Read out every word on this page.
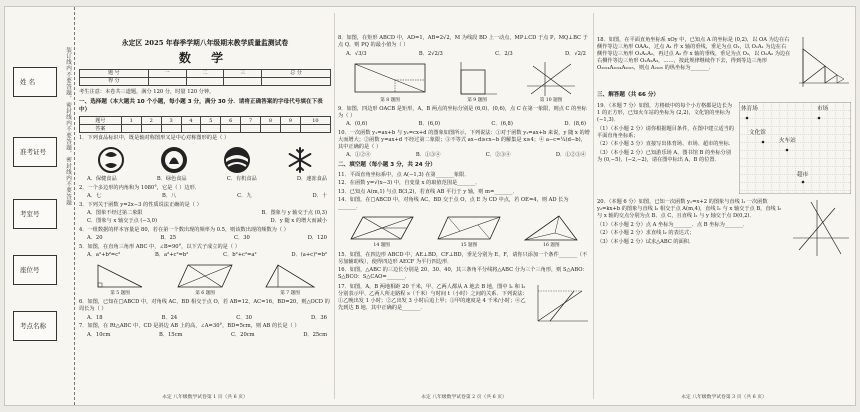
姓 名
准考证号
考室号
座位号
考点名称
装订线内不要答题，密封线内不要答题，密封线内不要答题
永定区 2025 年春季学期八年级期末教学质量监测试卷
数 学
题 号	一	二	三	总 分
得 分				
考生注意：本卷共三道题，满分 120 分，时量 120 分钟。
一、选择题（本大题共 10 个小题，每小题 3 分，满分 30 分．请将正确答案的字母代号填在下表中）
题号	1	2	3	4	5	6	7	8	9	10
答案										
1．下列食品标识中，既是轴对称图形又是中心对称图形的是（ ）
A．保健食品	B．绿色食品	C．有机食品	D．速冻食品
2．一个多边形的内角和为 1080°，它是（ ）边形．
A．七	B．八	C．九	D．十
3．下列关于函数 y=2x−3 的性质说法正确的是（ ）
A．图象不经过第二象限	B．图象与 y 轴交于点 (0,3)
C．图象与 x 轴交于点 (−3,0)	D．y 随 x 的增大而减小
4．一组数据的样本容量是 80，若在第一个数出现的频率为 0.5，则该数出现的频数为（ ）
A．20	B．25	C．30	D．120
5．如图，在直角三角形 ABC 中，∠B=90°，以下式子成立的是（ ）
A．a²+b²=c²	B．a²+c²=b²	C．b²+c²=a²	D．(a+c)²=b²
第 5 题图	第 6 题图	第 7 题图
6．如图，已知在□ABCD 中，对角线 AC、BD 相交于点 O，若 AB=12，AC=16，BD=20，则△OCD 的周长为（ ）
A．18	B．24	C．30	D．36
7．如图，在 Rt△ABC 中，CD 是斜边 AB 上的高，∠A=30°，BD=5cm，则 AB 的长是（ ）
A．10cm	B．15cm	C．20cm	D．25cm
永定 八年级数学试卷第 1 页（共 6 页）
8．如图，在矩形 ABCD 中，AD=1，AB=2√2，M 为线段 BD 上一动点，MP⊥CD 于点 P，MQ⊥BC 于点 Q，则 PQ 的最小值为（ ）
A．√3/3	B．2√2/3	C．2/3	D．√2/2
第 8 题图	第 9 题图	第 10 题图
9．如图，四边形 OACB 是矩形，A，B 两点的坐标分别是 (6,0)、(0,6)，点 C 在第一象限，则点 C 的坐标为（ ）
A．(0,6)	B．(6,0)	C．(6,8)	D．(8,6)
10．一次函数 y₁=ax+b 与 y₂=cx+d 的图象如图所示，下列说法：①对于函数 y₁=ax+b 来说，y 随 x 的增大而增大；②函数 y=ax+d 不经过第二象限；③不等式 ax−d≥cx−b 的解集是 x≥4；④ a−c=¼(d−b)，其中正确的是（ ）
A．①②④	B．①③④	C．②③④	D．①②③④
二、填空题（每小题 3 分，共 24 分）
11．平面直角坐标系中，点 A(−1,3) 在第_______象限．
12．在函数 y=√(x−3) 中，自变量 x 的取值范围是_______．
13．已知点 A(m,1) 与点 B(3,2)，若直线 AB 平行于 y 轴，则 m=_______．
14．如图，在□ABCD 中，对角线 AC、BD 交于点 O，点 E 为 CD 中点，若 OE=4，则 AD 长为_______．
14 题图	15 题图	16 题图
15．如图，在四边形 ABCD 中，AE⊥BD，CF⊥BD，垂足分别为 E、F，请你只添加一个条件_______（不另加辅助线），使得四边形 AECF 为平行四边形．
16．如图，△ABC 的三边长分别是 20、30、40，其三条角平分线将△ABC 分为三个三角形，则 S△ABO：S△BCO：S△CAO=_______．
17．如图，A，B 两地相距 20 千米，甲、乙两人都从 A 地去 B 地，图中 l₁ 和 l₂ 分别表示甲、乙两人所走路程 s（千米）与时间 t（小时）之间的关系．下列说法：①乙晚出发 1 小时；②乙出发 3 小时后追上甲；③甲的速度是 4 千米/小时；④乙先到达 B 地．其中正确的是_______．
永定 八年级数学试卷第 2 页（共 6 页）
18．如图，在平面直角坐标系 xOy 中，已知点 A 的坐标是 (0,2)，以 OA 为边在右侧作等边三角形 OAA₁，过点 A₁ 作 x 轴的垂线，垂足为点 O₁，以 O₁A₁ 为边在右侧作等边三角形 O₁A₁A₂，再过点 A₂ 作 x 轴的垂线，垂足为点 O₂，以 O₂A₂ 为边在右侧作等边三角形 O₂A₂A₃，……，按此规律继续作下去，得到等边三角形 O₂₀₂₄A₂₀₂₄A₂₀₂₅，则点 A₂₀₂₅ 的纵坐标为_______．
三、解答题（共 66 分）
19．（本题 7 分）如图，方格纸中的每个小方格都是边长为 1 的正方形，已知火车站的坐标为 (2,2)，文化馆的坐标为 (−1,3)．
（1）（本小题 2 分）请你根据题目条件，在图中建立适当的平面直角坐标系；
（2）（本小题 3 分）直接写出体育场、市场、超市的坐标．
（3）（本小题 2 分）已知游乐场 A、图书馆 B 的坐标分别为 (0,−5)、(−2,−2)，请在图中标出 A、B 的位置．
体育场	市场
文化馆
火车站
超市
20．（本题 6 分）如图，已知一次函数 y₁=x+2 的图象与直线 l₁ 一次函数 y₂=kx+b 的图象与直线 l₂ 相交于点 A(m,4)，直线 l₁ 与 x 轴交于点 B，直线 l₂ 与 x 轴的交点分别为点 B、点 C，且直线 l₂ 与 y 轴交于点 D(0,2)．
（1）（本小题 2 分）点 A 坐标为_______．点 B 坐标为_______．
（2）（本小题 2 分）求直线 l₂ 的表达式；
（3）（本小题 2 分）试求△ABC 的面积．
永定 八年级数学试卷第 3 页（共 6 页）
